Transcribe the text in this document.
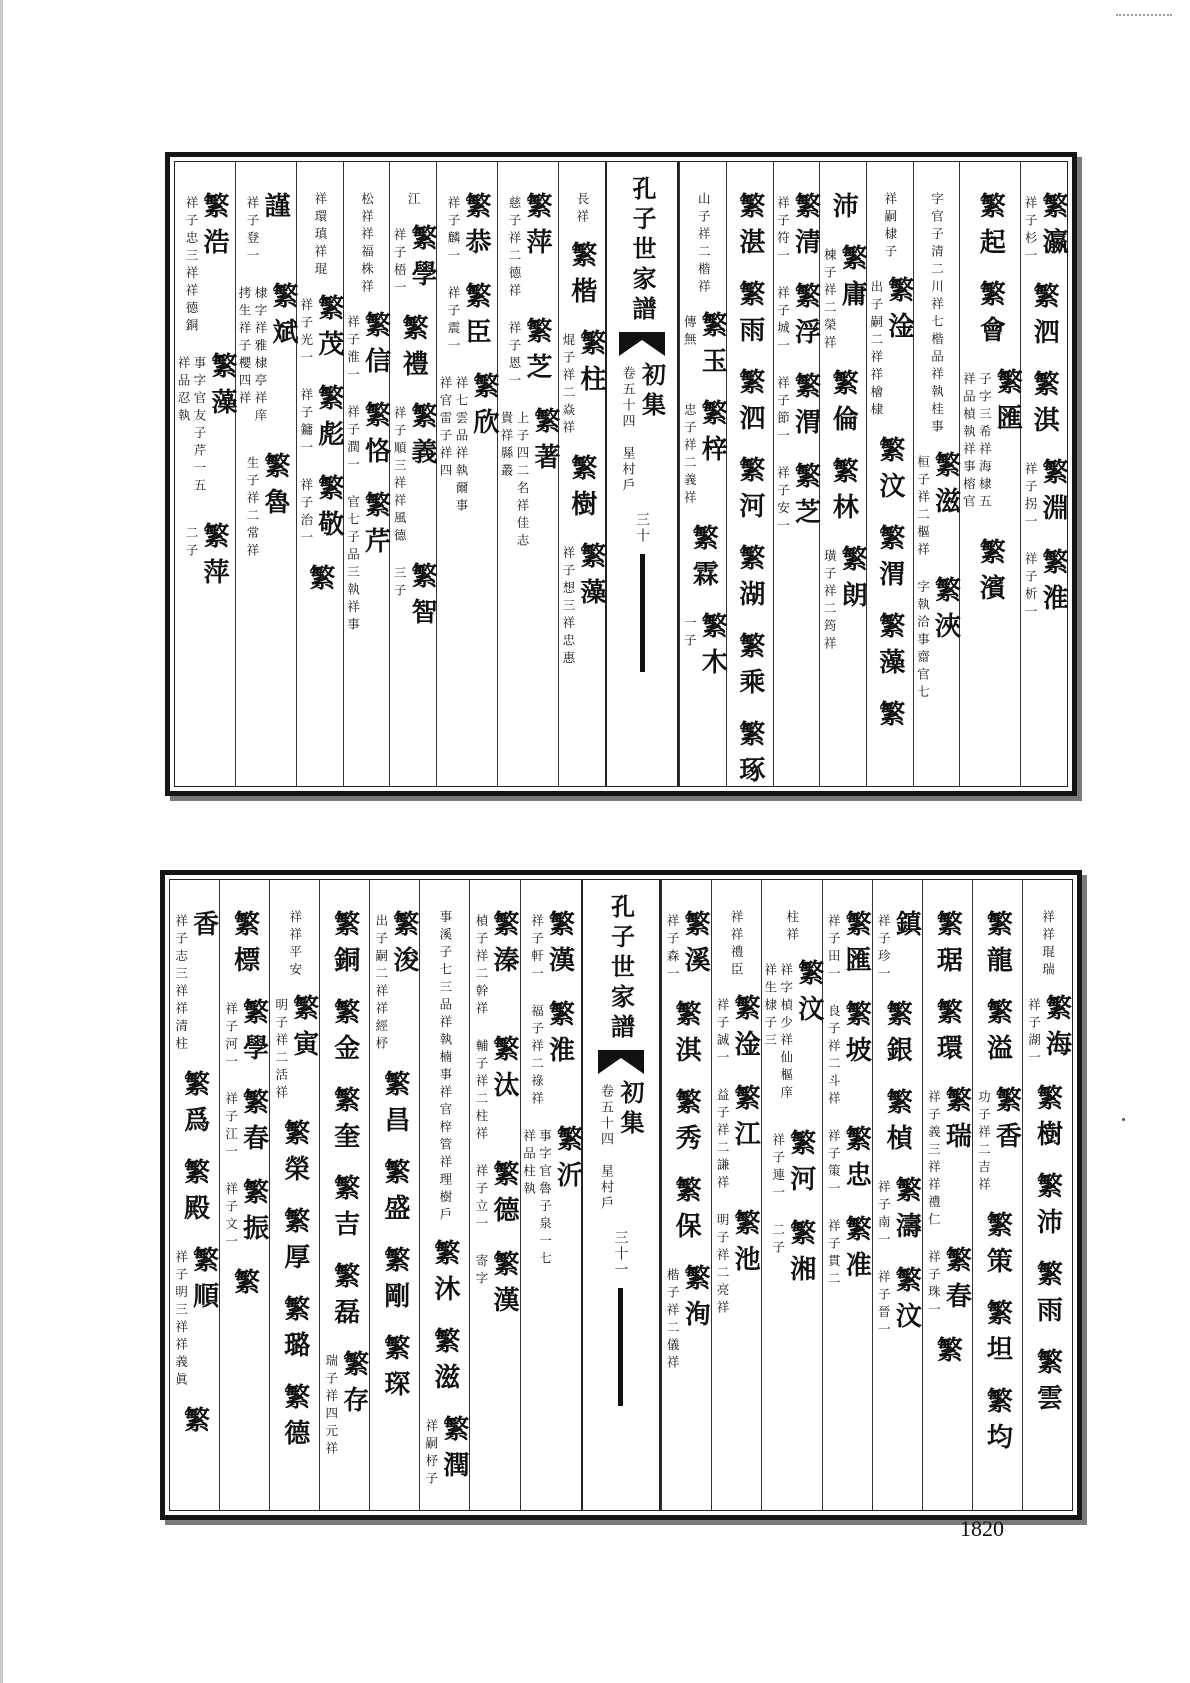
繁瀛
祥子杉一
繁泗
繁淇
繁淵
祥子拐一
繁淮
祥子析一
繁起
繁會
繁匯
子字三希祥海棣五祥品楨執祥事榕官
繁濱
字官子清二川祥七楷品祥執桂事
繁滋
桓子祥二樞祥
繁浹
字執洽事齋官七
祥嗣棣子
繁淦
出子嗣二祥祥檜棣
繁汶
繁渭
繁藻
繁
沛
繁庸
棟子祥二榮祥
繁倫
繁林
繁朗
璜子祥二筠祥
繁清
祥子符一
繁浮
祥子城一
繁渭
祥子節一
繁芝
祥子安一
繁湛
繁雨
繁泗
繁河
繁湖
繁乘
繁琢
山子祥二楷祥
繁玉
傳無
繁梓
忠子祥二義祥
繁霖
繁木
一子
孔子世家譜
初集
卷五十四　星村戶
三十
長祥
繁楷
繁柱
焜子祥二焱祥
繁樹
繁藻
祥子想三祥忠惠
繁萍
慈子祥二德祥
繁芝
祥子恩一
繁著
上子四二名祥佳志貴祥縣叢
繁恭
祥子麟一
繁臣
祥子震一
繁欣
祥七雲品祥執爾事祥官雷子祥四
江
繁學
祥子梧一
繁禮
繁義
祥子順三祥祥風德
繁智
三子
松祥祥福株祥
繁信
祥子淮一
繁恪
祥子潤一
繁芹
官七子品三執祥事
祥環瑱祥琨
繁茂
祥子光一
繁彪
祥子鏞一
繁敬
祥子治一
繁
謹
祥子登一
繁斌
棣字祥雅棣亭祥庠拷生祥子櫻四祥
繁魯
生子祥二常祥
繁浩
祥子忠三祥祥德銅
繁藻
事字官友子芹一五祥品忍執
繁萍
二子
祥祥琨瑞
繁海
祥子湖一
繁樹
繁沛
繁雨
繁雲
繁龍
繁溢
繁香
功子祥二吉祥
繁策
繁坦
繁均
繁琚
繁環
繁瑞
祥子義三祥祥禮仁
繁春
祥子珠一
繁
鎮
祥子珍一
繁銀
繁楨
繁濤
祥子南一
繁汶
祥子晉一
繁匯
祥子田一
繁坡
良子祥二斗祥
繁忠
祥子策一
繁准
祥子貫二
柱祥
繁汶
祥字楨少祥仙樞庠祥生棣子三
繁河
祥子連一
繁湘
二子
祥祥禮臣
繁淦
祥子誠一
繁江
益子祥二謙祥
繁池
明子祥二亮祥
繁溪
祥子森一
繁淇
繁秀
繁保
繁洵
楷子祥二儀祥
孔子世家譜
初集
卷五十四　星村戶
三十一
繁漢
祥子軒一
繁淮
福子祥二祿祥
繁沂
事字官魯子泉一七祥品柱執
繁溱
楨子祥二幹祥
繁汰
輔子祥二柱祥
繁德
祥子立一
繁漢
寄字
事溪子七三品祥執楠事祥官梓管祥理樹戶
繁沐
繁滋
繁潤
祥嗣杼子
繁浚
出子嗣二祥祥經杼
繁昌
繁盛
繁剛
繁琛
繁銅
繁金
繁奎
繁吉
繁磊
繁存
瑞子祥四元祥
祥祥平安
繁寅
明子祥二活祥
繁榮
繁厚
繁璐
繁德
繁標
繁學
祥子河一
繁春
祥子江一
繁振
祥子文一
繁
香
祥子志三祥祥清柱
繁爲
繁殿
繁順
祥子明三祥祥義眞
繁
1820
